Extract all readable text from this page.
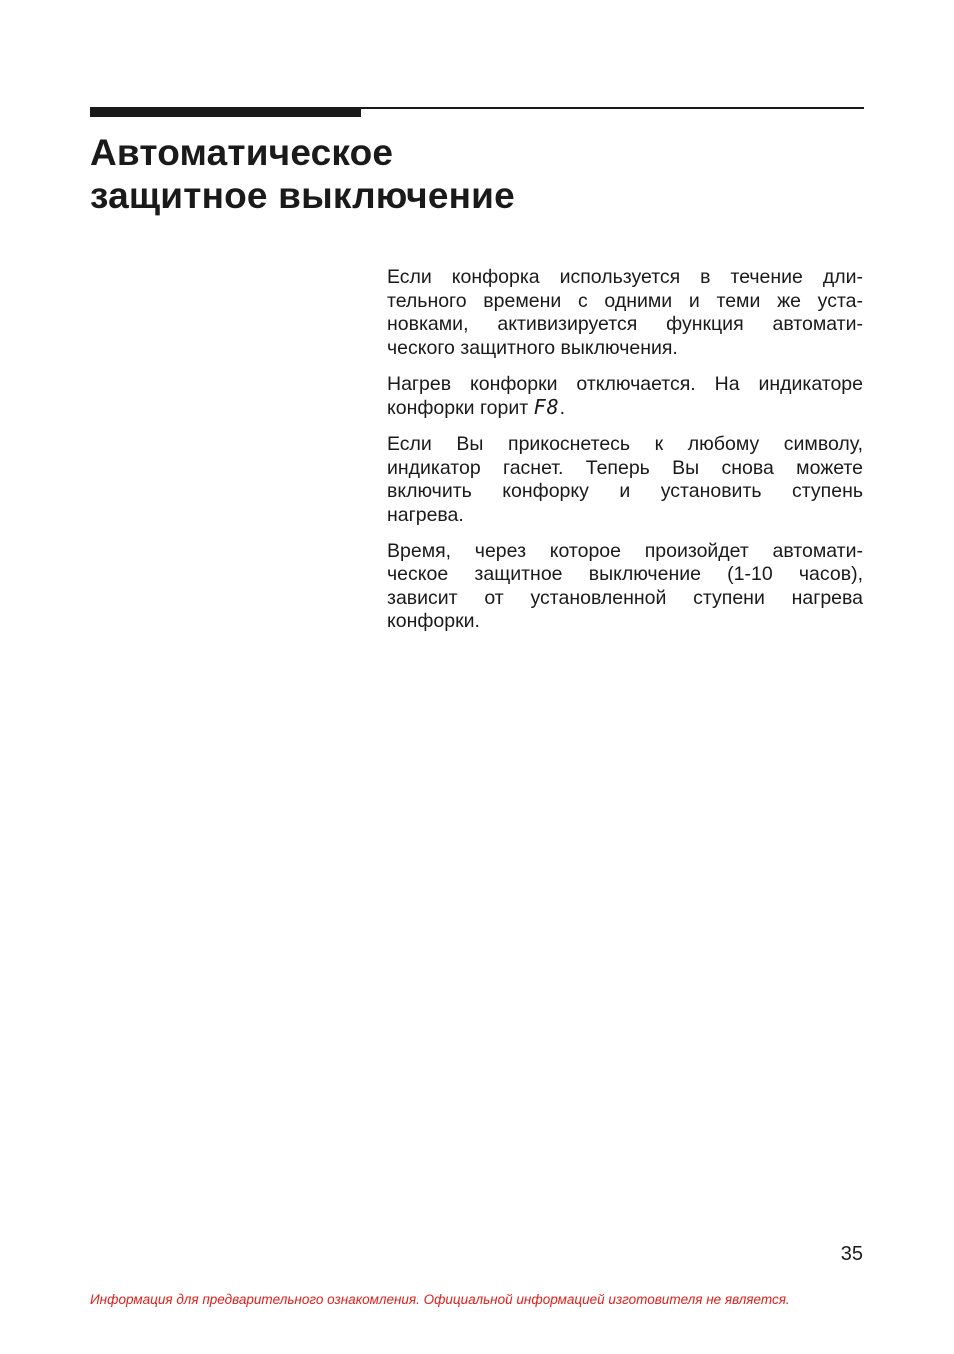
Автоматическое
защитное выключение

Если конфорка используется в течение дли-
тельного времени с одними и теми же уста-
новками, активизируется функция автомати-
ческого защитного выключения.

Нагрев конфорки отключается. На индикаторе
конфорки горит F8.

Если Вы прикоснетесь к любому символу,
индикатор гаснет. Теперь Вы снова можете
включить конфорку и установить ступень
нагрева.

Время, через которое произойдет автомати-
ческое защитное выключение (1-10 часов),
зависит от установленной ступени нагрева
конфорки.

35
Информация для предварительного ознакомления. Официальной информацией изготовителя не является.
